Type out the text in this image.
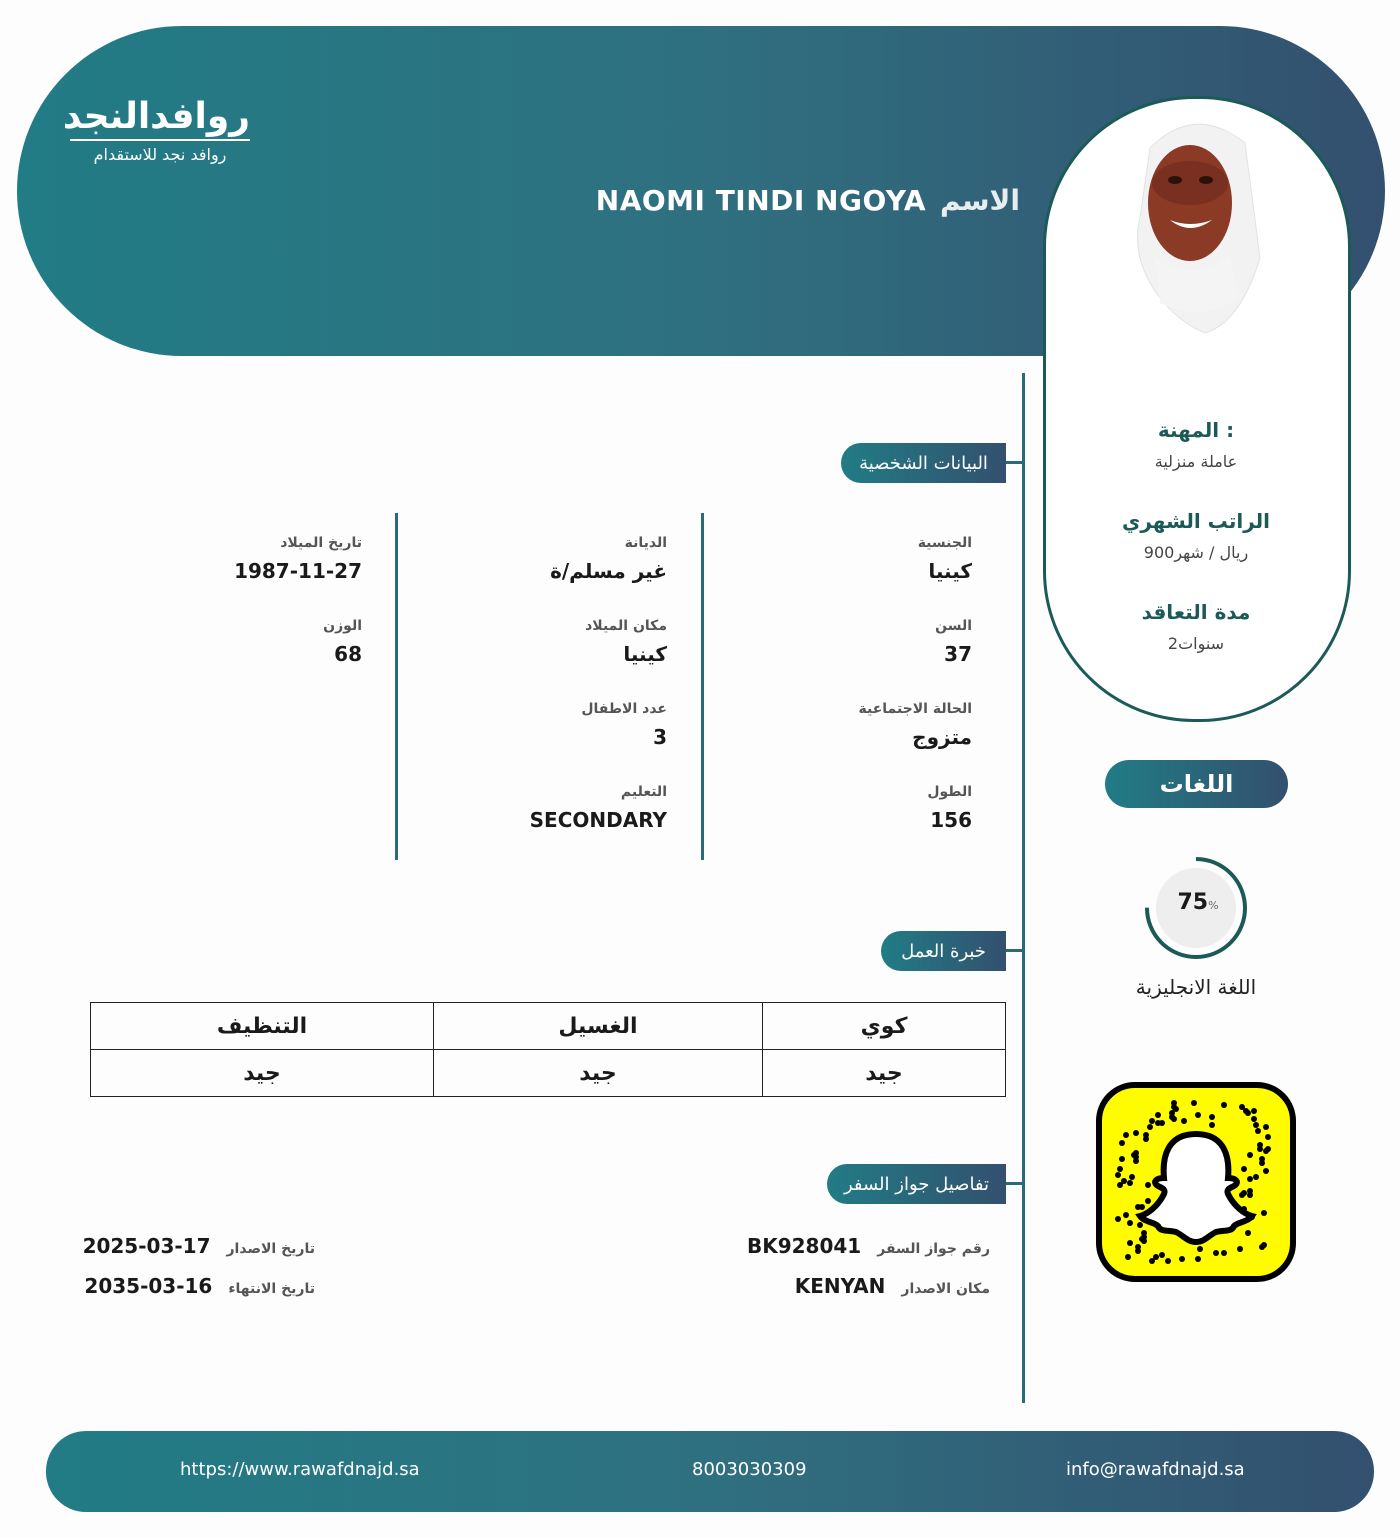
روافدالنجد
روافد نجد للاستقدام
NAOMI TINDI NGOYA الاسم
المهنة :
عاملة منزلية
الراتب الشهري
900ريال / شهر
مدة التعاقد
2سنوات
اللغات
75%
اللغة الانجليزية
البيانات الشخصية
الجنسية
كينيا
السن
37
الحالة الاجتماعية
متزوج
الطول
156
الديانة
غير مسلم/ة
مكان الميلاد
كينيا
عدد الاطفال
3
التعليم
SECONDARY
تاريخ الميلاد
1987-11-27
الوزن
68
خبرة العمل
كوي	الغسيل	التنظيف
جيد	جيد	جيد
تفاصيل جواز السفر
رقم جواز السفر
BK928041
مكان الاصدار
KENYAN
تاريخ الاصدار
2025-03-17
تاريخ الانتهاء
2035-03-16
https://www.rawafdnajd.sa	8003030309	info@rawafdnajd.sa
